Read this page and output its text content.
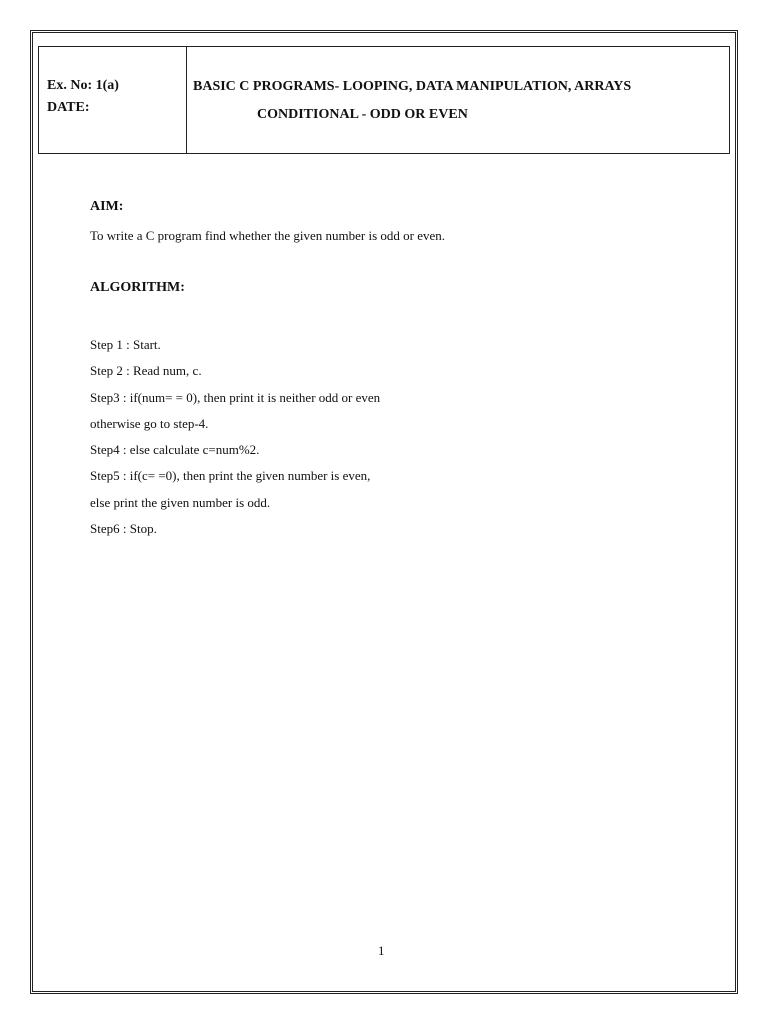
Ex. No: 1(a)
DATE:
BASIC C PROGRAMS- LOOPING, DATA MANIPULATION, ARRAYS
CONDITIONAL - ODD OR EVEN
AIM:
To write a C program find whether the given number is odd or even.
ALGORITHM:
Step 1 : Start.
Step 2 : Read num, c.
Step3 : if(num= = 0), then print it is neither odd or even
otherwise go to step-4.
Step4 : else calculate c=num%2.
Step5 : if(c= =0), then print the given number is even,
else print the given number is odd.
Step6 : Stop.
1
